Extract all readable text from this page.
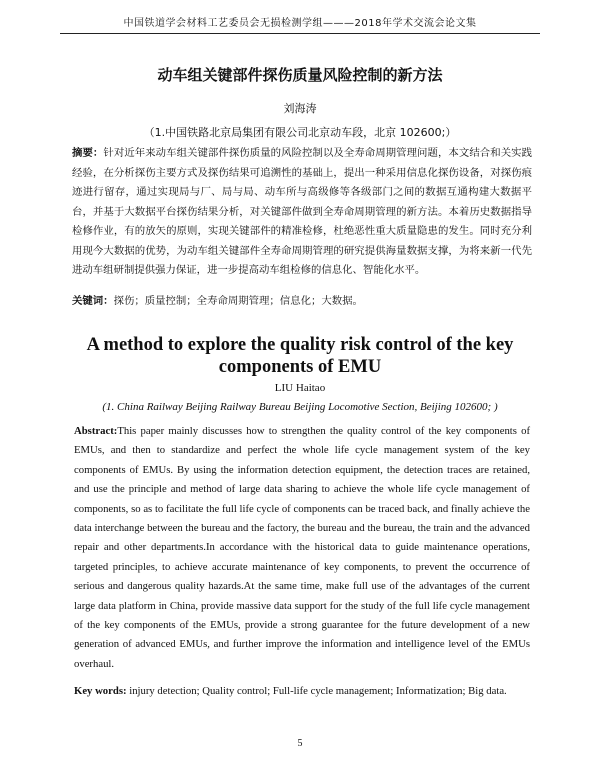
中国铁道学会材料工艺委员会无损检测学组———2018年学术交流会论文集
动车组关键部件探伤质量风险控制的新方法
刘海涛
（1.中国铁路北京局集团有限公司北京动车段，北京 102600;）
摘要：针对近年来动车组关键部件探伤质量的风险控制以及全寿命周期管理问题，本文结合和关实践经验，在分析探伤主要方式及探伤结果可追溯性的基础上，提出一种采用信息化探伤设备，对探伤痕迹进行留存，通过实现局与厂、局与局、动车所与高级修等各级部门之间的数据互通构建大数据平台，并基于大数据平台探伤结果分析，对关键部件做到全寿命周期管理的新方法。本着历史数据指导检修作业，有的放矢的原则，实现关键部件的精准检修，杜绝恶性重大质量隐患的发生。同时充分利用现今大数据的优势，为动车组关键部件全寿命周期管理的研究提供海量数据支撑，为将来新一代先进动车组研制提供强力保证，进一步提高动车组检修的信息化、智能化水平。
关键词：探伤；质量控制；全寿命周期管理；信息化；大数据。
A method to explore the quality risk control of the key components of EMU
LIU Haitao
(1. China Railway Beijing Railway Bureau Beijing Locomotive Section, Beijing 102600; )
Abstract:This paper mainly discusses how to strengthen the quality control of the key components of EMUs, and then to standardize and perfect the whole life cycle management system of the key components of EMUs. By using the information detection equipment, the detection traces are retained, and use the principle and method of large data sharing to achieve the whole life cycle management of components, so as to facilitate the full life cycle of components can be traced back, and finally achieve the data interchange between the bureau and the factory, the bureau and the bureau, the train and the advanced repair and other departments.In accordance with the historical data to guide maintenance operations, targeted principles, to achieve accurate maintenance of key components, to prevent the occurrence of serious and dangerous quality hazards.At the same time, make full use of the advantages of the current large data platform in China, provide massive data support for the study of the full life cycle management of the key components of the EMUs, provide a strong guarantee for the future development of a new generation of advanced EMUs, and further improve the information and intelligence level of the EMUs overhaul.
Key words: injury detection; Quality control; Full-life cycle management; Informatization; Big data.
5
